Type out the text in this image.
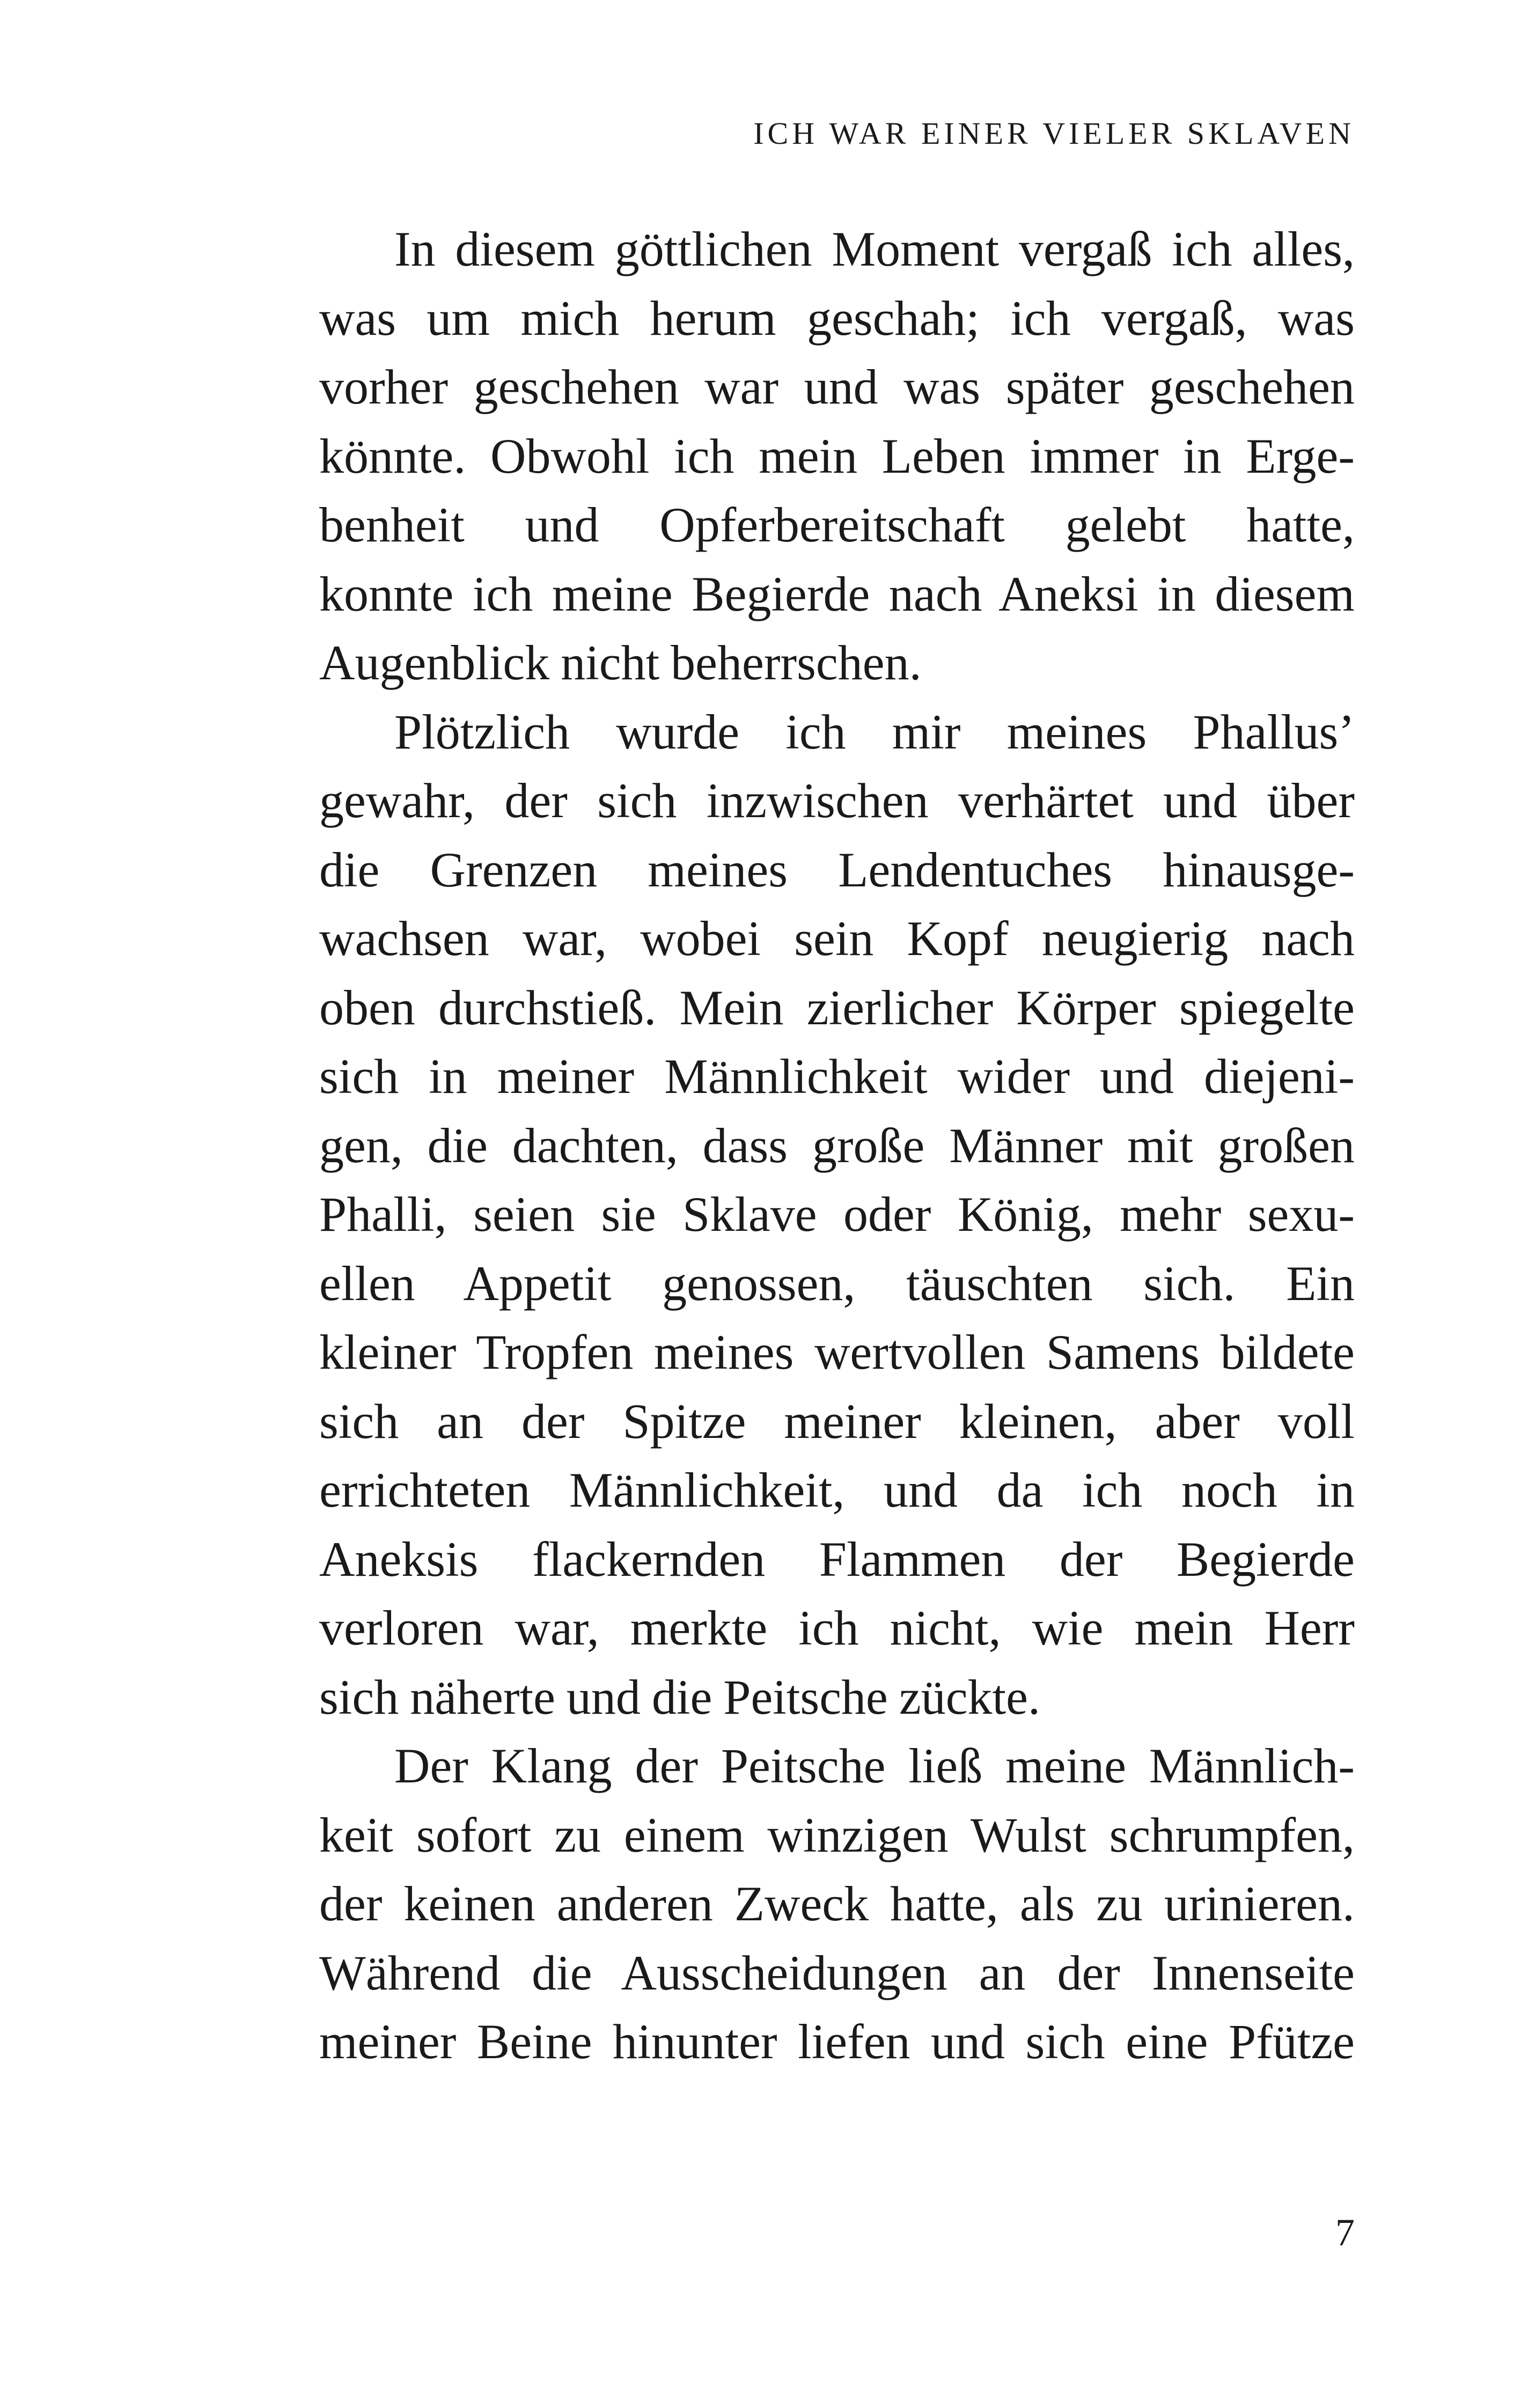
ICH WAR EINER VIELER SKLAVEN
In diesem göttlichen Moment vergaß ich alles,
was um mich herum geschah; ich vergaß, was
vorher geschehen war und was später geschehen
könnte. Obwohl ich mein Leben immer in Erge-
benheit und Opferbereitschaft gelebt hatte,
konnte ich meine Begierde nach Aneksi in diesem
Augenblick nicht beherrschen.
Plötzlich wurde ich mir meines Phallus’
gewahr, der sich inzwischen verhärtet und über
die Grenzen meines Lendentuches hinausge-
wachsen war, wobei sein Kopf neugierig nach
oben durchstieß. Mein zierlicher Körper spiegelte
sich in meiner Männlichkeit wider und diejeni-
gen, die dachten, dass große Männer mit großen
Phalli, seien sie Sklave oder König, mehr sexu-
ellen Appetit genossen, täuschten sich. Ein
kleiner Tropfen meines wertvollen Samens bildete
sich an der Spitze meiner kleinen, aber voll
errichteten Männlichkeit, und da ich noch in
Aneksis flackernden Flammen der Begierde
verloren war, merkte ich nicht, wie mein Herr
sich näherte und die Peitsche zückte.
Der Klang der Peitsche ließ meine Männlich-
keit sofort zu einem winzigen Wulst schrumpfen,
der keinen anderen Zweck hatte, als zu urinieren.
Während die Ausscheidungen an der Innenseite
meiner Beine hinunter liefen und sich eine Pfütze
7
